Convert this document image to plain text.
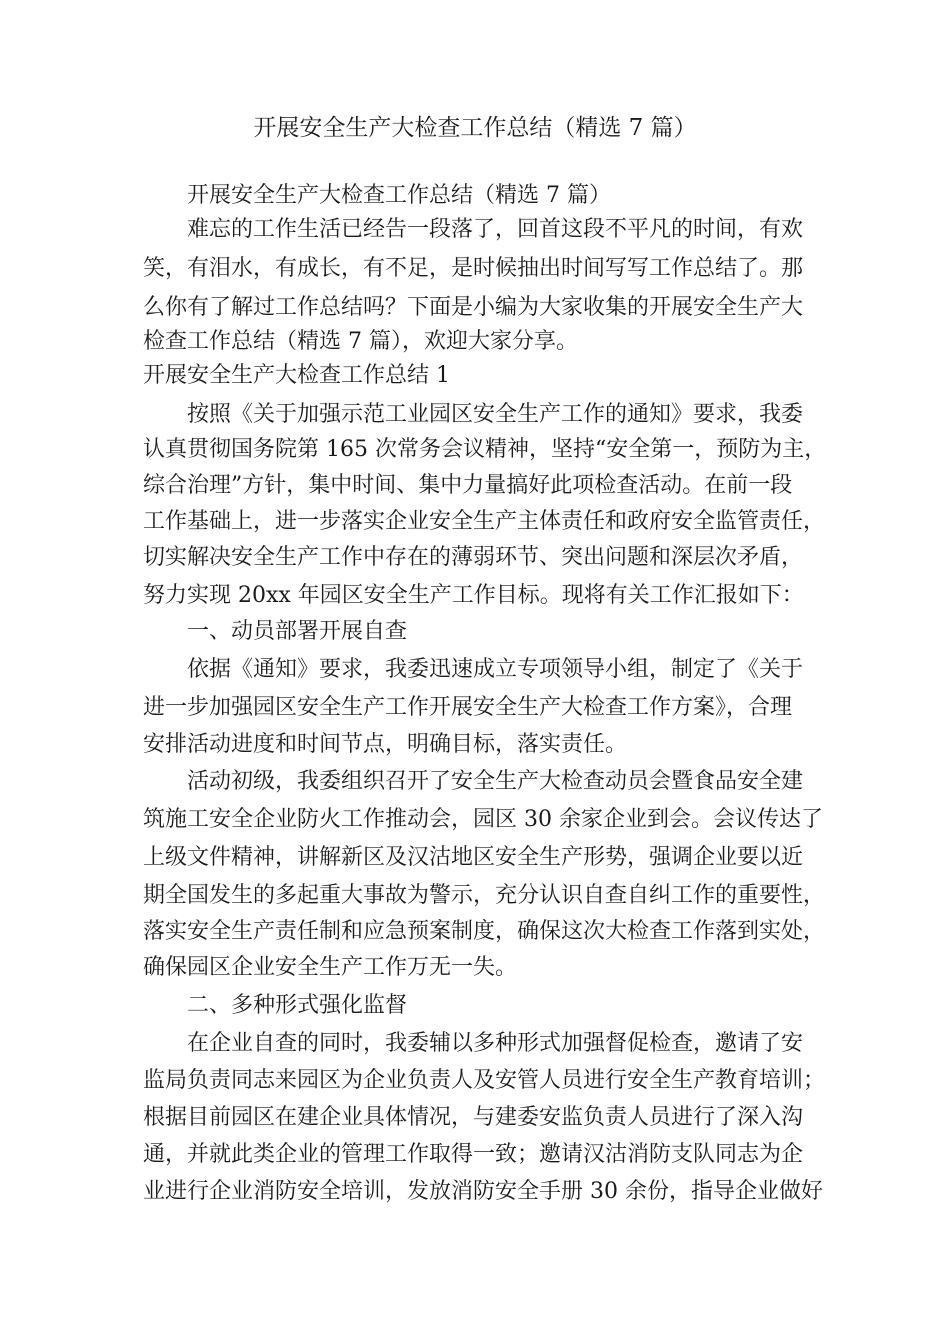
开展安全生产大检查工作总结（精选 7 篇）
开展安全生产大检查工作总结（精选 7 篇）
难忘的工作生活已经告一段落了，回首这段不平凡的时间，有欢
笑，有泪水，有成长，有不足，是时候抽出时间写写工作总结了。那
么你有了解过工作总结吗？下面是小编为大家收集的开展安全生产大
检查工作总结（精选 7 篇），欢迎大家分享。
开展安全生产大检查工作总结 1
按照《关于加强示范工业园区安全生产工作的通知》要求，我委
认真贯彻国务院第 165 次常务会议精神，坚持“安全第一，预防为主，
综合治理”方针，集中时间、集中力量搞好此项检查活动。在前一段
工作基础上，进一步落实企业安全生产主体责任和政府安全监管责任，
切实解决安全生产工作中存在的薄弱环节、突出问题和深层次矛盾，
努力实现 20xx 年园区安全生产工作目标。现将有关工作汇报如下：
一、动员部署开展自查
依据《通知》要求，我委迅速成立专项领导小组，制定了《关于
进一步加强园区安全生产工作开展安全生产大检查工作方案》，合理
安排活动进度和时间节点，明确目标，落实责任。
活动初级，我委组织召开了安全生产大检查动员会暨食品安全建
筑施工安全企业防火工作推动会，园区 30 余家企业到会。会议传达了
上级文件精神，讲解新区及汉沽地区安全生产形势，强调企业要以近
期全国发生的多起重大事故为警示，充分认识自查自纠工作的重要性，
落实安全生产责任制和应急预案制度，确保这次大检查工作落到实处，
确保园区企业安全生产工作万无一失。
二、多种形式强化监督
在企业自查的同时，我委辅以多种形式加强督促检查，邀请了安
监局负责同志来园区为企业负责人及安管人员进行安全生产教育培训；
根据目前园区在建企业具体情况，与建委安监负责人员进行了深入沟
通，并就此类企业的管理工作取得一致；邀请汉沽消防支队同志为企
业进行企业消防安全培训，发放消防安全手册 30 余份，指导企业做好
